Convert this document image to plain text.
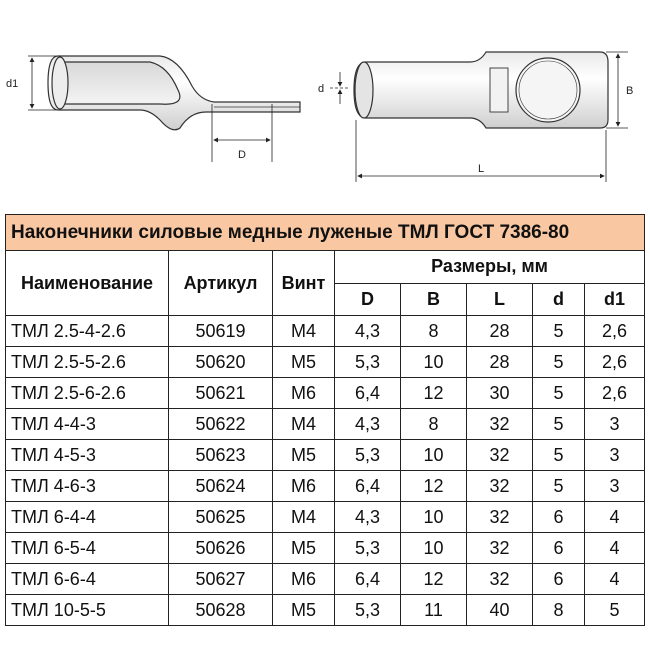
d1
D
d	B
L
Наконечники силовые медные луженые ТМЛ ГОСТ 7386-80							
Наименование	Артикул	Винт	Размеры, мм				
			D	B	L	d	d1
ТМЛ 2.5-4-2.6	50619	М4	4,3	8	28	5	2,6
ТМЛ 2.5-5-2.6	50620	М5	5,3	10	28	5	2,6
ТМЛ 2.5-6-2.6	50621	М6	6,4	12	30	5	2,6
ТМЛ 4-4-3	50622	М4	4,3	8	32	5	3
ТМЛ 4-5-3	50623	М5	5,3	10	32	5	3
ТМЛ 4-6-3	50624	М6	6,4	12	32	5	3
ТМЛ 6-4-4	50625	М4	4,3	10	32	6	4
ТМЛ 6-5-4	50626	М5	5,3	10	32	6	4
ТМЛ 6-6-4	50627	М6	6,4	12	32	6	4
ТМЛ 10-5-5	50628	М5	5,3	11	40	8	5
